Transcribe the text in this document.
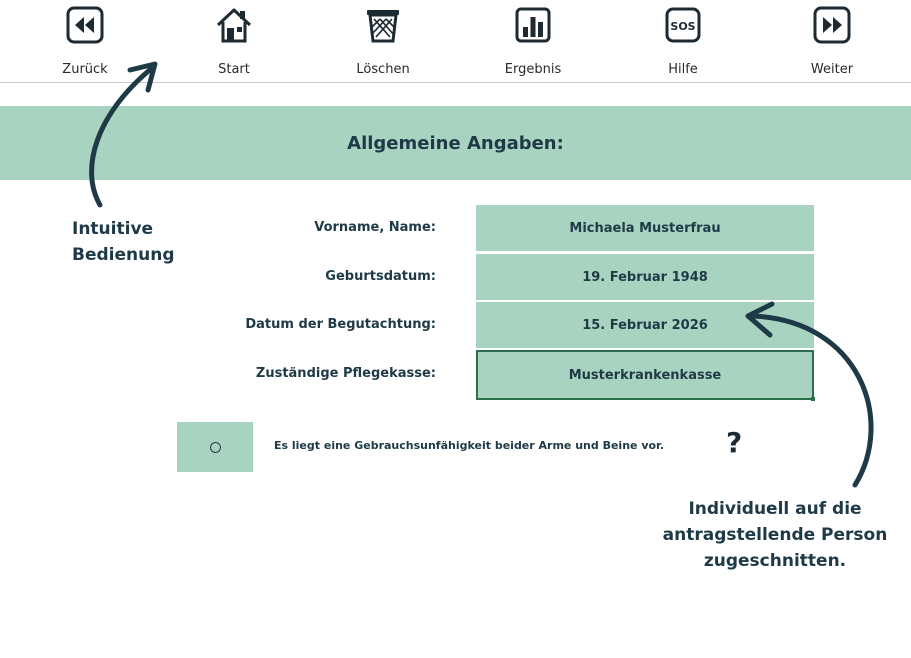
Zurück	Start	Löschen	Ergebnis
SOS
Hilfe	Weiter
Allgemeine Angaben:
Vorname, Name:	Michaela Musterfrau
Geburtsdatum:	19. Februar 1948
Datum der Begutachtung:	15. Februar 2026
Zuständige Pflegekasse:	Musterkrankenkasse
Es liegt eine Gebrauchsunfähigkeit beider Arme und Beine vor. ?
Intuitive
Bedienung
Individuell auf die
antragstellende Person
zugeschnitten.
